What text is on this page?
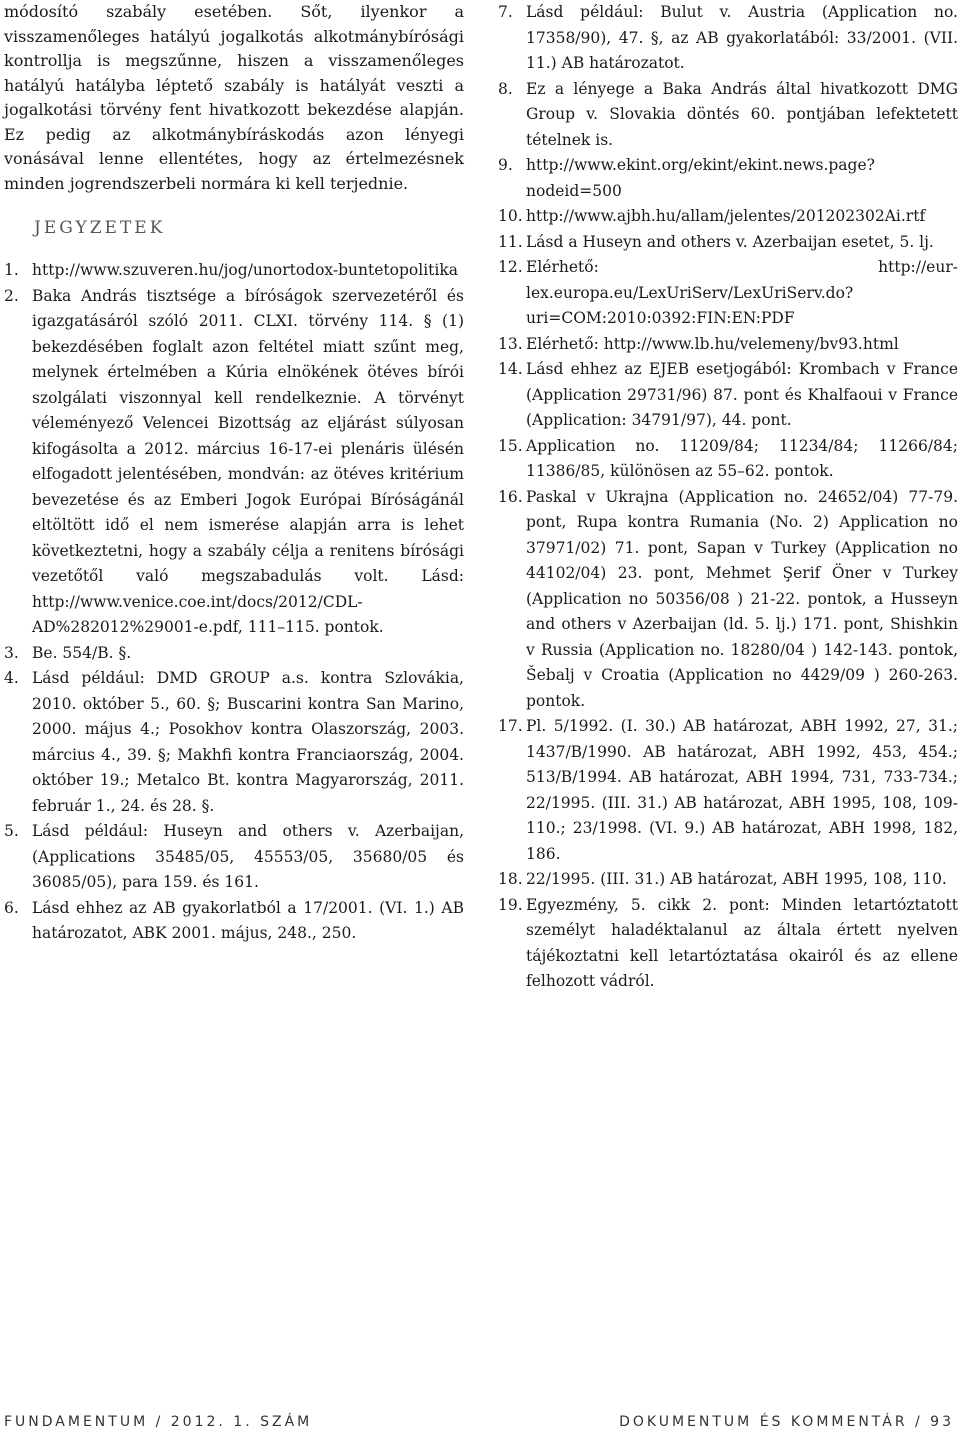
módosító szabály esetében. Sőt, ilyenkor a visszamenőleges hatályú jogalkotás alkotmánybírósági kontrollja is megszűnne, hiszen a visszamenőleges hatályú hatályba léptető szabály is hatályát veszti a jogalkotási törvény fent hivatkozott bekezdése alapján. Ez pedig az alkotmánybíráskodás azon lényegi vonásával lenne ellentétes, hogy az értelmezésnek minden jogrendszerbeli normára ki kell terjednie.

JEGYZETEK
1. http://www.szuveren.hu/jog/unortodox-buntetopolitika
2. Baka András tisztsége a bíróságok szervezetéről és igazgatásáról szóló 2011. CLXI. törvény 114. § (1) bekezdésében foglalt azon feltétel miatt szűnt meg, melynek értelmében a Kúria elnökének ötéves bírói szolgálati viszonnyal kell rendelkeznie. A törvényt véleményező Velencei Bizottság az eljárást súlyosan kifogásolta a 2012. március 16-17-ei plenáris ülésén elfogadott jelentésében, mondván: az ötéves kritérium bevezetése és az Emberi Jogok Európai Bíróságánál eltöltött idő el nem ismerése alapján arra is lehet következtetni, hogy a szabály célja a renitens bírósági vezetőtől való megszabadulás volt. Lásd: http://www.venice.coe.int/docs/2012/CDL-AD%282012%29001-e.pdf, 111–115. pontok.
3. Be. 554/B. §.
4. Lásd például: DMD GROUP a.s. kontra Szlovákia, 2010. október 5., 60. §; Buscarini kontra San Marino, 2000. május 4.; Posokhov kontra Olaszország, 2003. március 4., 39. §; Makhfi kontra Franciaország, 2004. október 19.; Metalco Bt. kontra Magyarország, 2011. február 1., 24. és 28. §.
5. Lásd például: Huseyn and others v. Azerbaijan, (Applications 35485/05, 45553/05, 35680/05 és 36085/05), para 159. és 161.
6. Lásd ehhez az AB gyakorlatból a 17/2001. (VI. 1.) AB határozatot, ABK 2001. május, 248., 250.
7. Lásd például: Bulut v. Austria (Application no. 17358/90), 47. §, az AB gyakorlatából: 33/2001. (VII. 11.) AB határozatot.
8. Ez a lényege a Baka András által hivatkozott DMG Group v. Slovakia döntés 60. pontjában lefektetett tételnek is.
9. http://www.ekint.org/ekint/ekint.news.page?nodeid=500
10. http://www.ajbh.hu/allam/jelentes/201202302Ai.rtf
11. Lásd a Huseyn and others v. Azerbaijan esetet, 5. lj.
12. Elérhető: http://eur-lex.europa.eu/LexUriServ/LexUriServ.do?uri=COM:2010:0392:FIN:EN:PDF
13. Elérhető: http://www.lb.hu/velemeny/bv93.html
14. Lásd ehhez az EJEB esetjogából: Krombach v France (Application 29731/96) 87. pont és Khalfaoui v France (Application: 34791/97), 44. pont.
15. Application no. 11209/84; 11234/84; 11266/84; 11386/85, különösen az 55–62. pontok.
16. Paskal v Ukrajna (Application no. 24652/04) 77-79. pont, Rupa kontra Rumania (No. 2) Application no 37971/02) 71. pont, Sapan v Turkey (Application no 44102/04) 23. pont, Mehmet Şerif Öner v Turkey (Application no 50356/08 ) 21-22. pontok, a Husseyn and others v Azerbaijan (ld. 5. lj.) 171. pont, Shishkin v Russia (Application no. 18280/04 ) 142-143. pontok, Šebalj v Croatia (Application no 4429/09 ) 260-263. pontok.
17. Pl. 5/1992. (I. 30.) AB határozat, ABH 1992, 27, 31.; 1437/B/1990. AB határozat, ABH 1992, 453, 454.; 513/B/1994. AB határozat, ABH 1994, 731, 733-734.; 22/1995. (III. 31.) AB határozat, ABH 1995, 108, 109-110.; 23/1998. (VI. 9.) AB határozat, ABH 1998, 182, 186.
18. 22/1995. (III. 31.) AB határozat, ABH 1995, 108, 110.
19. Egyezmény, 5. cikk 2. pont: Minden letartóztatott személyt haladéktalanul az általa értett nyelven tájékoztatni kell letartóztatása okairól és az ellene felhozott vádról.
FUNDAMENTUM / 2012. 1. SZÁM	DOKUMENTUM ÉS KOMMENTÁR / 93
